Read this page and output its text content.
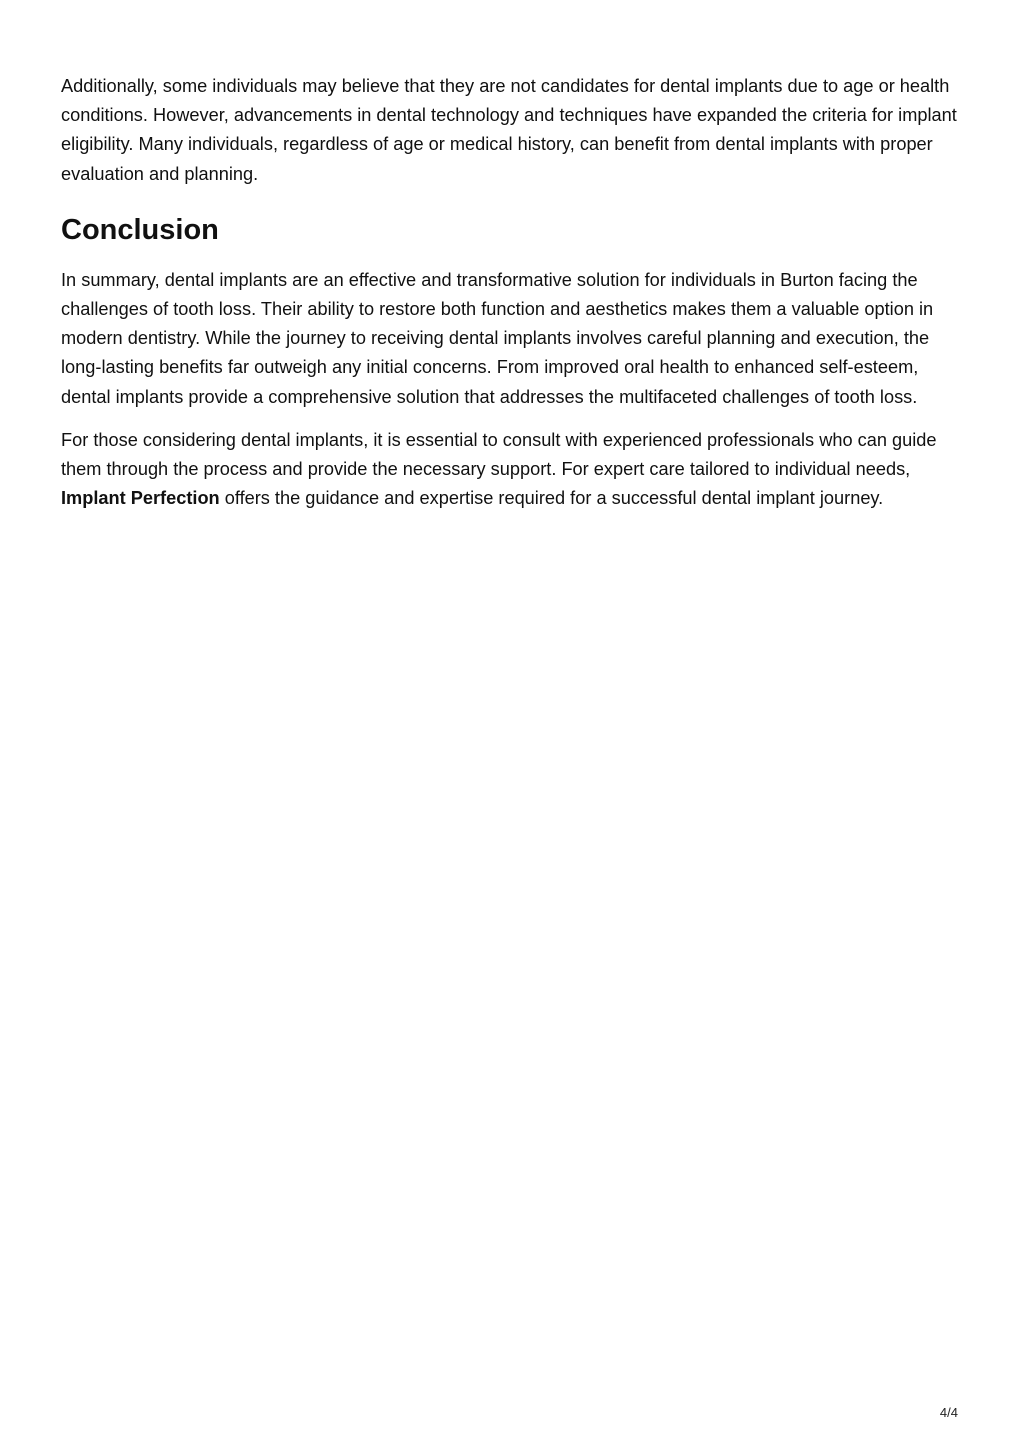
Additionally, some individuals may believe that they are not candidates for dental implants due to age or health conditions. However, advancements in dental technology and techniques have expanded the criteria for implant eligibility. Many individuals, regardless of age or medical history, can benefit from dental implants with proper evaluation and planning.

Conclusion

In summary, dental implants are an effective and transformative solution for individuals in Burton facing the challenges of tooth loss. Their ability to restore both function and aesthetics makes them a valuable option in modern dentistry. While the journey to receiving dental implants involves careful planning and execution, the long-lasting benefits far outweigh any initial concerns. From improved oral health to enhanced self-esteem, dental implants provide a comprehensive solution that addresses the multifaceted challenges of tooth loss.

For those considering dental implants, it is essential to consult with experienced professionals who can guide them through the process and provide the necessary support. For expert care tailored to individual needs, Implant Perfection offers the guidance and expertise required for a successful dental implant journey.

4/4
